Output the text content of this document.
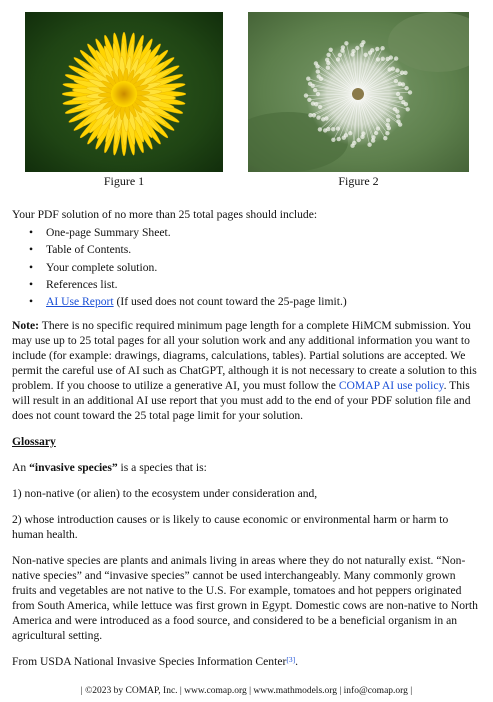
Figure 1	Figure 2

Your PDF solution of no more than 25 total pages should include:

• One-page Summary Sheet.
• Table of Contents.
• Your complete solution.
• References list.
• AI Use Report (If used does not count toward the 25-page limit.)

Note: There is no specific required minimum page length for a complete HiMCM submission. You may use up to 25 total pages for all your solution work and any additional information you want to include (for example: drawings, diagrams, calculations, tables). Partial solutions are accepted. We permit the careful use of AI such as ChatGPT, although it is not necessary to create a solution to this problem. If you choose to utilize a generative AI, you must follow the COMAP AI use policy. This will result in an additional AI use report that you must add to the end of your PDF solution file and does not count toward the 25 total page limit for your solution.

Glossary

An “invasive species” is a species that is:

1) non-native (or alien) to the ecosystem under consideration and,

2) whose introduction causes or is likely to cause economic or environmental harm or harm to human health.

Non-native species are plants and animals living in areas where they do not naturally exist. “Non-native species” and “invasive species” cannot be used interchangeably. Many commonly grown fruits and vegetables are not native to the U.S. For example, tomatoes and hot peppers originated from South America, while lettuce was first grown in Egypt. Domestic cows are non-native to North America and were introduced as a food source, and considered to be a beneficial organism in an agricultural setting.

From USDA National Invasive Species Information Center[3].

| ©2023 by COMAP, Inc. | www.comap.org | www.mathmodels.org | info@comap.org |
